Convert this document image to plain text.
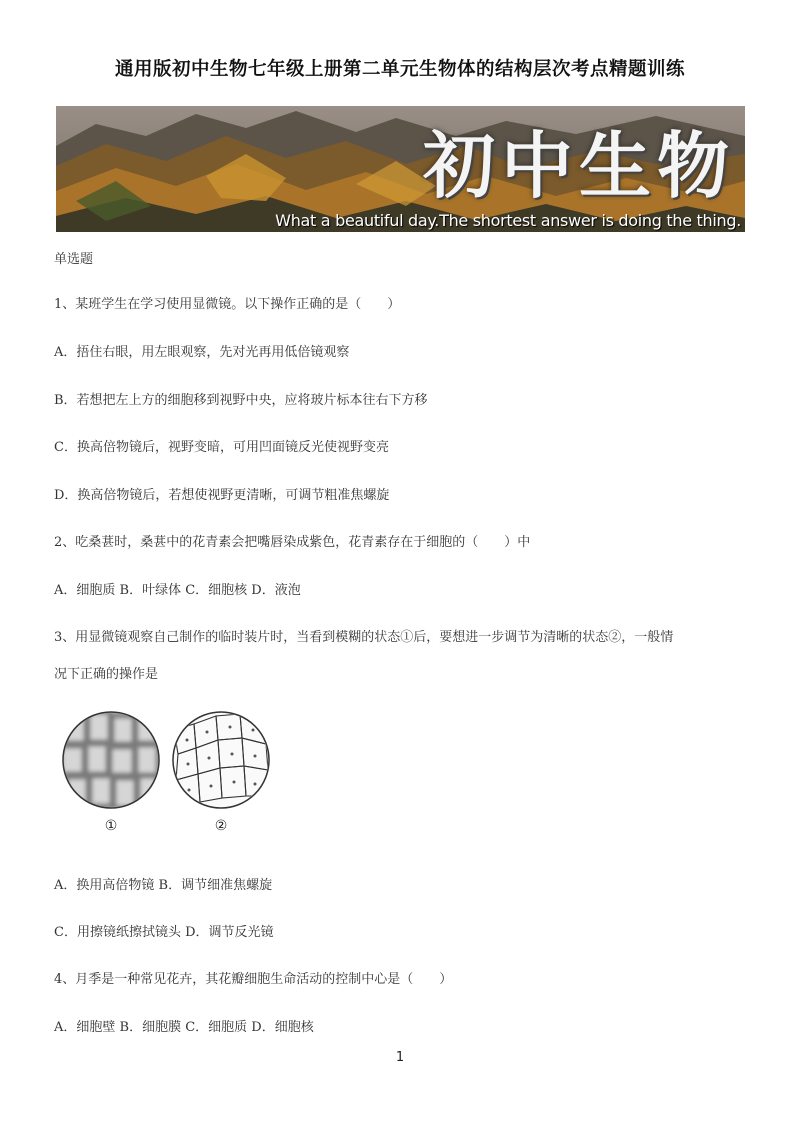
通用版初中生物七年级上册第二单元生物体的结构层次考点精题训练
初中生物
What a beautiful day.The shortest answer is doing the thing.
单选题
1、某班学生在学习使用显微镜。以下操作正确的是（　　）
A．捂住右眼，用左眼观察，先对光再用低倍镜观察
B．若想把左上方的细胞移到视野中央，应将玻片标本往右下方移
C．换高倍物镜后，视野变暗，可用凹面镜反光使视野变亮
D．换高倍物镜后，若想使视野更清晰，可调节粗准焦螺旋
2、吃桑葚时，桑葚中的花青素会把嘴唇染成紫色，花青素存在于细胞的（　　）中
A．细胞质 B．叶绿体 C．细胞核 D．液泡
3、用显微镜观察自己制作的临时装片时，当看到模糊的状态①后，要想进一步调节为清晰的状态②，一般情
况下正确的操作是
①	②
A．换用高倍物镜 B．调节细准焦螺旋
C．用擦镜纸擦拭镜头 D．调节反光镜
4、月季是一种常见花卉，其花瓣细胞生命活动的控制中心是（　　）
A．细胞壁 B．细胞膜 C．细胞质 D．细胞核
1
